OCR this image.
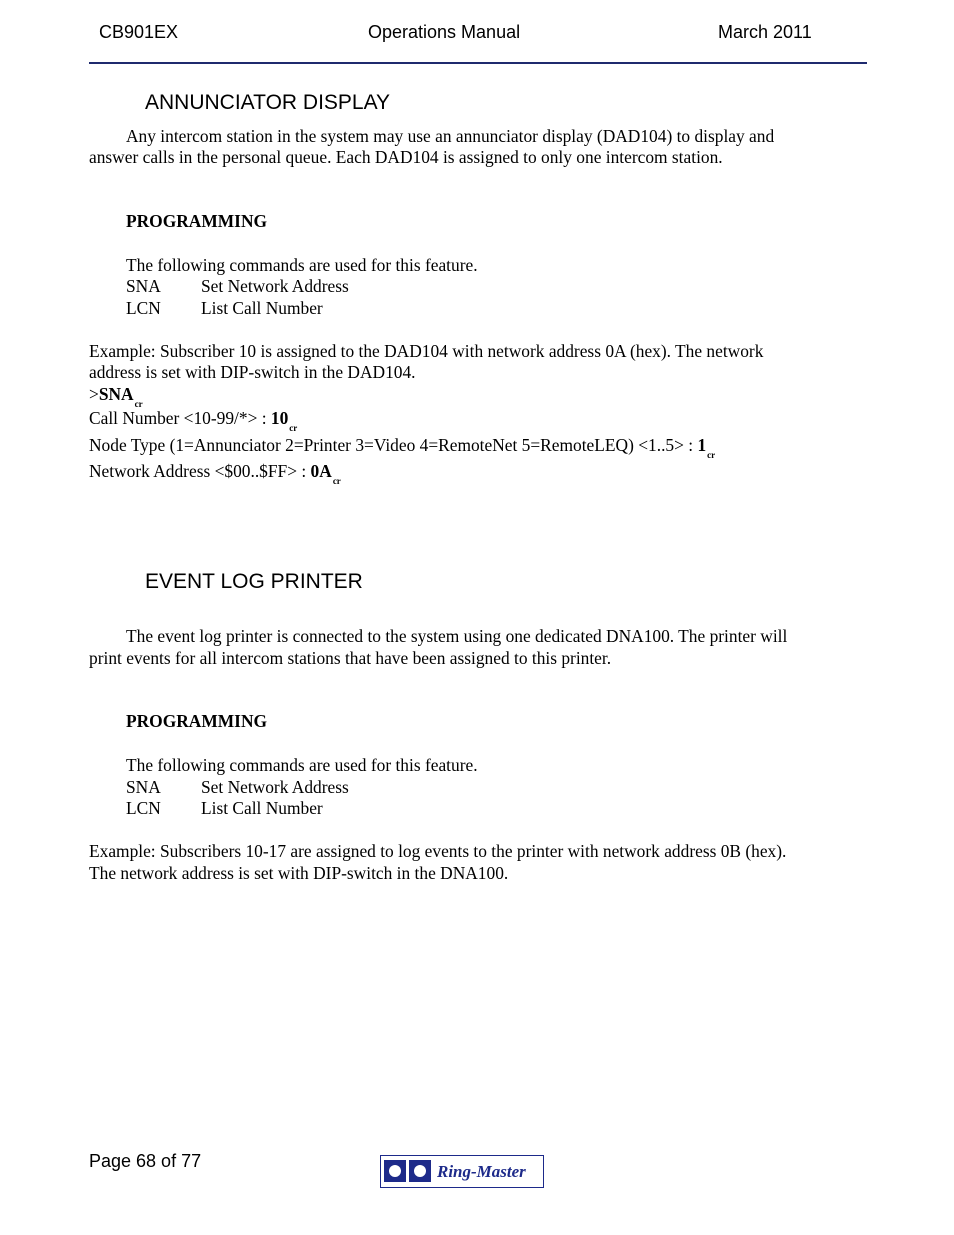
CB901EX	Operations Manual	March 2011
ANNUNCIATOR DISPLAY
Any intercom station in the system may use an annunciator display (DAD104) to display and
answer calls in the personal queue. Each DAD104 is assigned to only one intercom station.
PROGRAMMING
The following commands are used for this feature.
SNA Set Network Address
LCN List Call Number
Example: Subscriber 10 is assigned to the DAD104 with network address 0A (hex). The network
address is set with DIP-switch in the DAD104.
$>SNA_{cr}$
Call Number <10-99/*> : $10_{cr}$
Node Type (1=Annunciator 2=Printer 3=Video 4=RemoteNet 5=RemoteLEQ) <1..5> : $1_{cr}$
Network Address <$00..$FF> : $0A_{cr}$
EVENT LOG PRINTER
The event log printer is connected to the system using one dedicated DNA100. The printer will
print events for all intercom stations that have been assigned to this printer.
PROGRAMMING
The following commands are used for this feature.
SNA Set Network Address
LCN List Call Number
Example: Subscribers 10-17 are assigned to log events to the printer with network address 0B (hex).
The network address is set with DIP-switch in the DNA100.
Page 68 of 77
Ring-Master
